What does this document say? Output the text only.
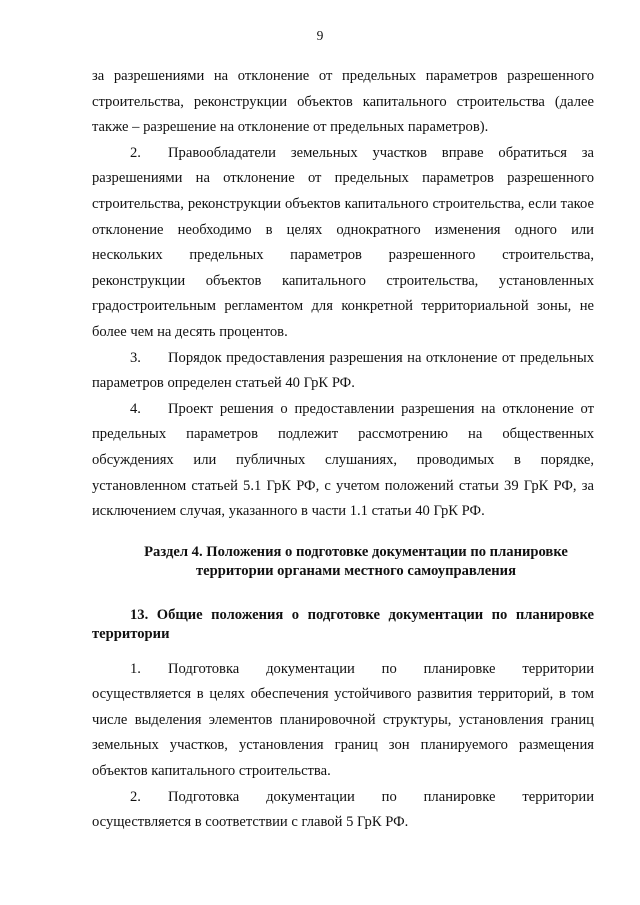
9

за разрешениями на отклонение от предельных параметров разрешенного строительства, реконструкции объектов капитального строительства (далее также – разрешение на отклонение от предельных параметров).

2. Правообладатели земельных участков вправе обратиться за разрешениями на отклонение от предельных параметров разрешенного строительства, реконструкции объектов капитального строительства, если такое отклонение необходимо в целях однократного изменения одного или нескольких предельных параметров разрешенного строительства, реконструкции объектов капитального строительства, установленных градостроительным регламентом для конкретной территориальной зоны, не более чем на десять процентов.

3. Порядок предоставления разрешения на отклонение от предельных параметров определен статьей 40 ГрК РФ.

4. Проект решения о предоставлении разрешения на отклонение от предельных параметров подлежит рассмотрению на общественных обсуждениях или публичных слушаниях, проводимых в порядке, установленном статьей 5.1 ГрК РФ, с учетом положений статьи 39 ГрК РФ, за исключением случая, указанного в части 1.1 статьи 40 ГрК РФ.

Раздел 4. Положения о подготовке документации по планировке
территории органами местного самоуправления
13. Общие положения о подготовке документации по планировке территории

1. Подготовка документации по планировке территории осуществляется в целях обеспечения устойчивого развития территорий, в том числе выделения элементов планировочной структуры, установления границ земельных участков, установления границ зон планируемого размещения объектов капитального строительства.

2. Подготовка документации по планировке территории осуществляется в соответствии с главой 5 ГрК РФ.
